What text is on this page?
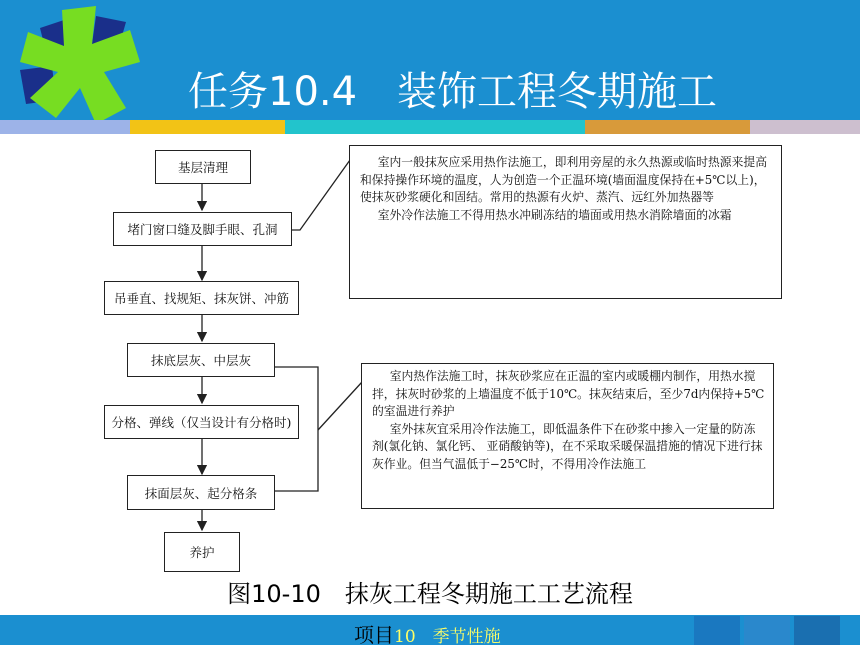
任务10.4　装饰工程冬期施工
基层清理
堵门窗口缝及脚手眼、孔洞
吊垂直、找规矩、抹灰饼、冲筋
抹底层灰、中层灰
分格、弹线（仅当设计有分格时)
抹面层灰、起分格条
养护

室内一般抹灰应采用热作法施工，即利用旁屋的永久热源或临时热源来提高和保持操作环境的温度，人为创造一个正温环境(墙面温度保持在+5℃以上)，使抹灰砂浆硬化和固结。常用的热源有火炉、蒸汽、远红外加热器等

室外冷作法施工不得用热水冲刷冻结的墙面或用热水消除墙面的冰霜

室内热作法施工时，抹灰砂浆应在正温的室内或暖棚内制作，用热水搅拌，抹灰时砂浆的上墙温度不低于10℃。抹灰结束后，至少7d内保持+5℃的室温进行养护

室外抹灰宜采用冷作法施工，即低温条件下在砂浆中掺入一定量的防冻剂(氯化钠、氯化钙、 亚硝酸钠等)，在不采取采暖保温措施的情况下进行抹灰作业。但当气温低于−25℃时，不得用冷作法施工

图10-10　抹灰工程冬期施工工艺流程
项目10　季节性施
